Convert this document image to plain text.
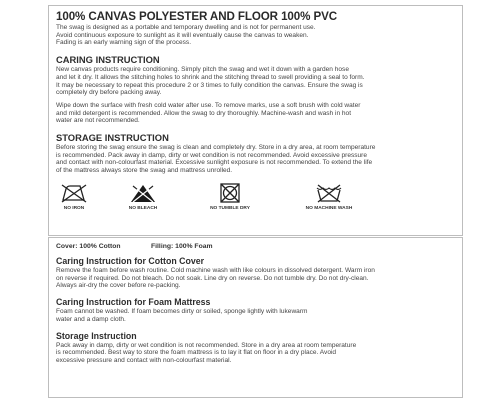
100% CANVAS POLYESTER AND FLOOR 100% PVC

The swag is designed as a portable and temporary dwelling and is not for permanent use.

Avoid continuous exposure to sunlight as it will eventually cause the canvas to weaken.

Fading is an early warning sign of the process.

CARING INSTRUCTION

New canvas products require conditioning. Simply pitch the swag and wet it down with a garden hose

and let it dry. It allows the stitching holes to shrink and the stitching thread to swell providing a seal to form.

It may be necessary to repeat this procedure 2 or 3 times to fully condition the canvas. Ensure the swag is

completely dry before packing away.

Wipe down the surface with fresh cold water after use. To remove marks, use a soft brush with cold water

and mild detergent is recommended. Allow the swag to dry thoroughly. Machine-wash and wash in hot

water are not recommended.

STORAGE INSTRUCTION

Before storing the swag ensure the swag is clean and completely dry. Store in a dry area, at room temperature

is recommended. Pack away in damp, dirty or wet condition is not recommended. Avoid excessive pressure

and contact with non-colourfast material. Excessive sunlight exposure is not recommended. To extend the life

of the mattress always store the swag and mattress unrolled.

NO IRON	NO BLEACH	NO TUMBLE DRY	NO MACHINE WASH
Cover: 100% Cotton	Filling: 100% Foam
Caring Instruction for Cotton Cover

Remove the foam before wash routine. Cold machine wash with like colours in dissolved detergent. Warm iron

on reverse if required. Do not bleach. Do not soak. Line dry on reverse. Do not tumble dry. Do not dry-clean.

Always air-dry the cover before re-packing.

Caring Instruction for Foam Mattress

Foam cannot be washed. If foam becomes dirty or soiled, sponge lightly with lukewarm

water and a damp cloth.

Storage Instruction

Pack away in damp, dirty or wet condition is not recommended. Store in a dry area at room temperature

is recommended. Best way to store the foam mattress is to lay it flat on floor in a dry place. Avoid

excessive pressure and contact with non-colourfast material.
